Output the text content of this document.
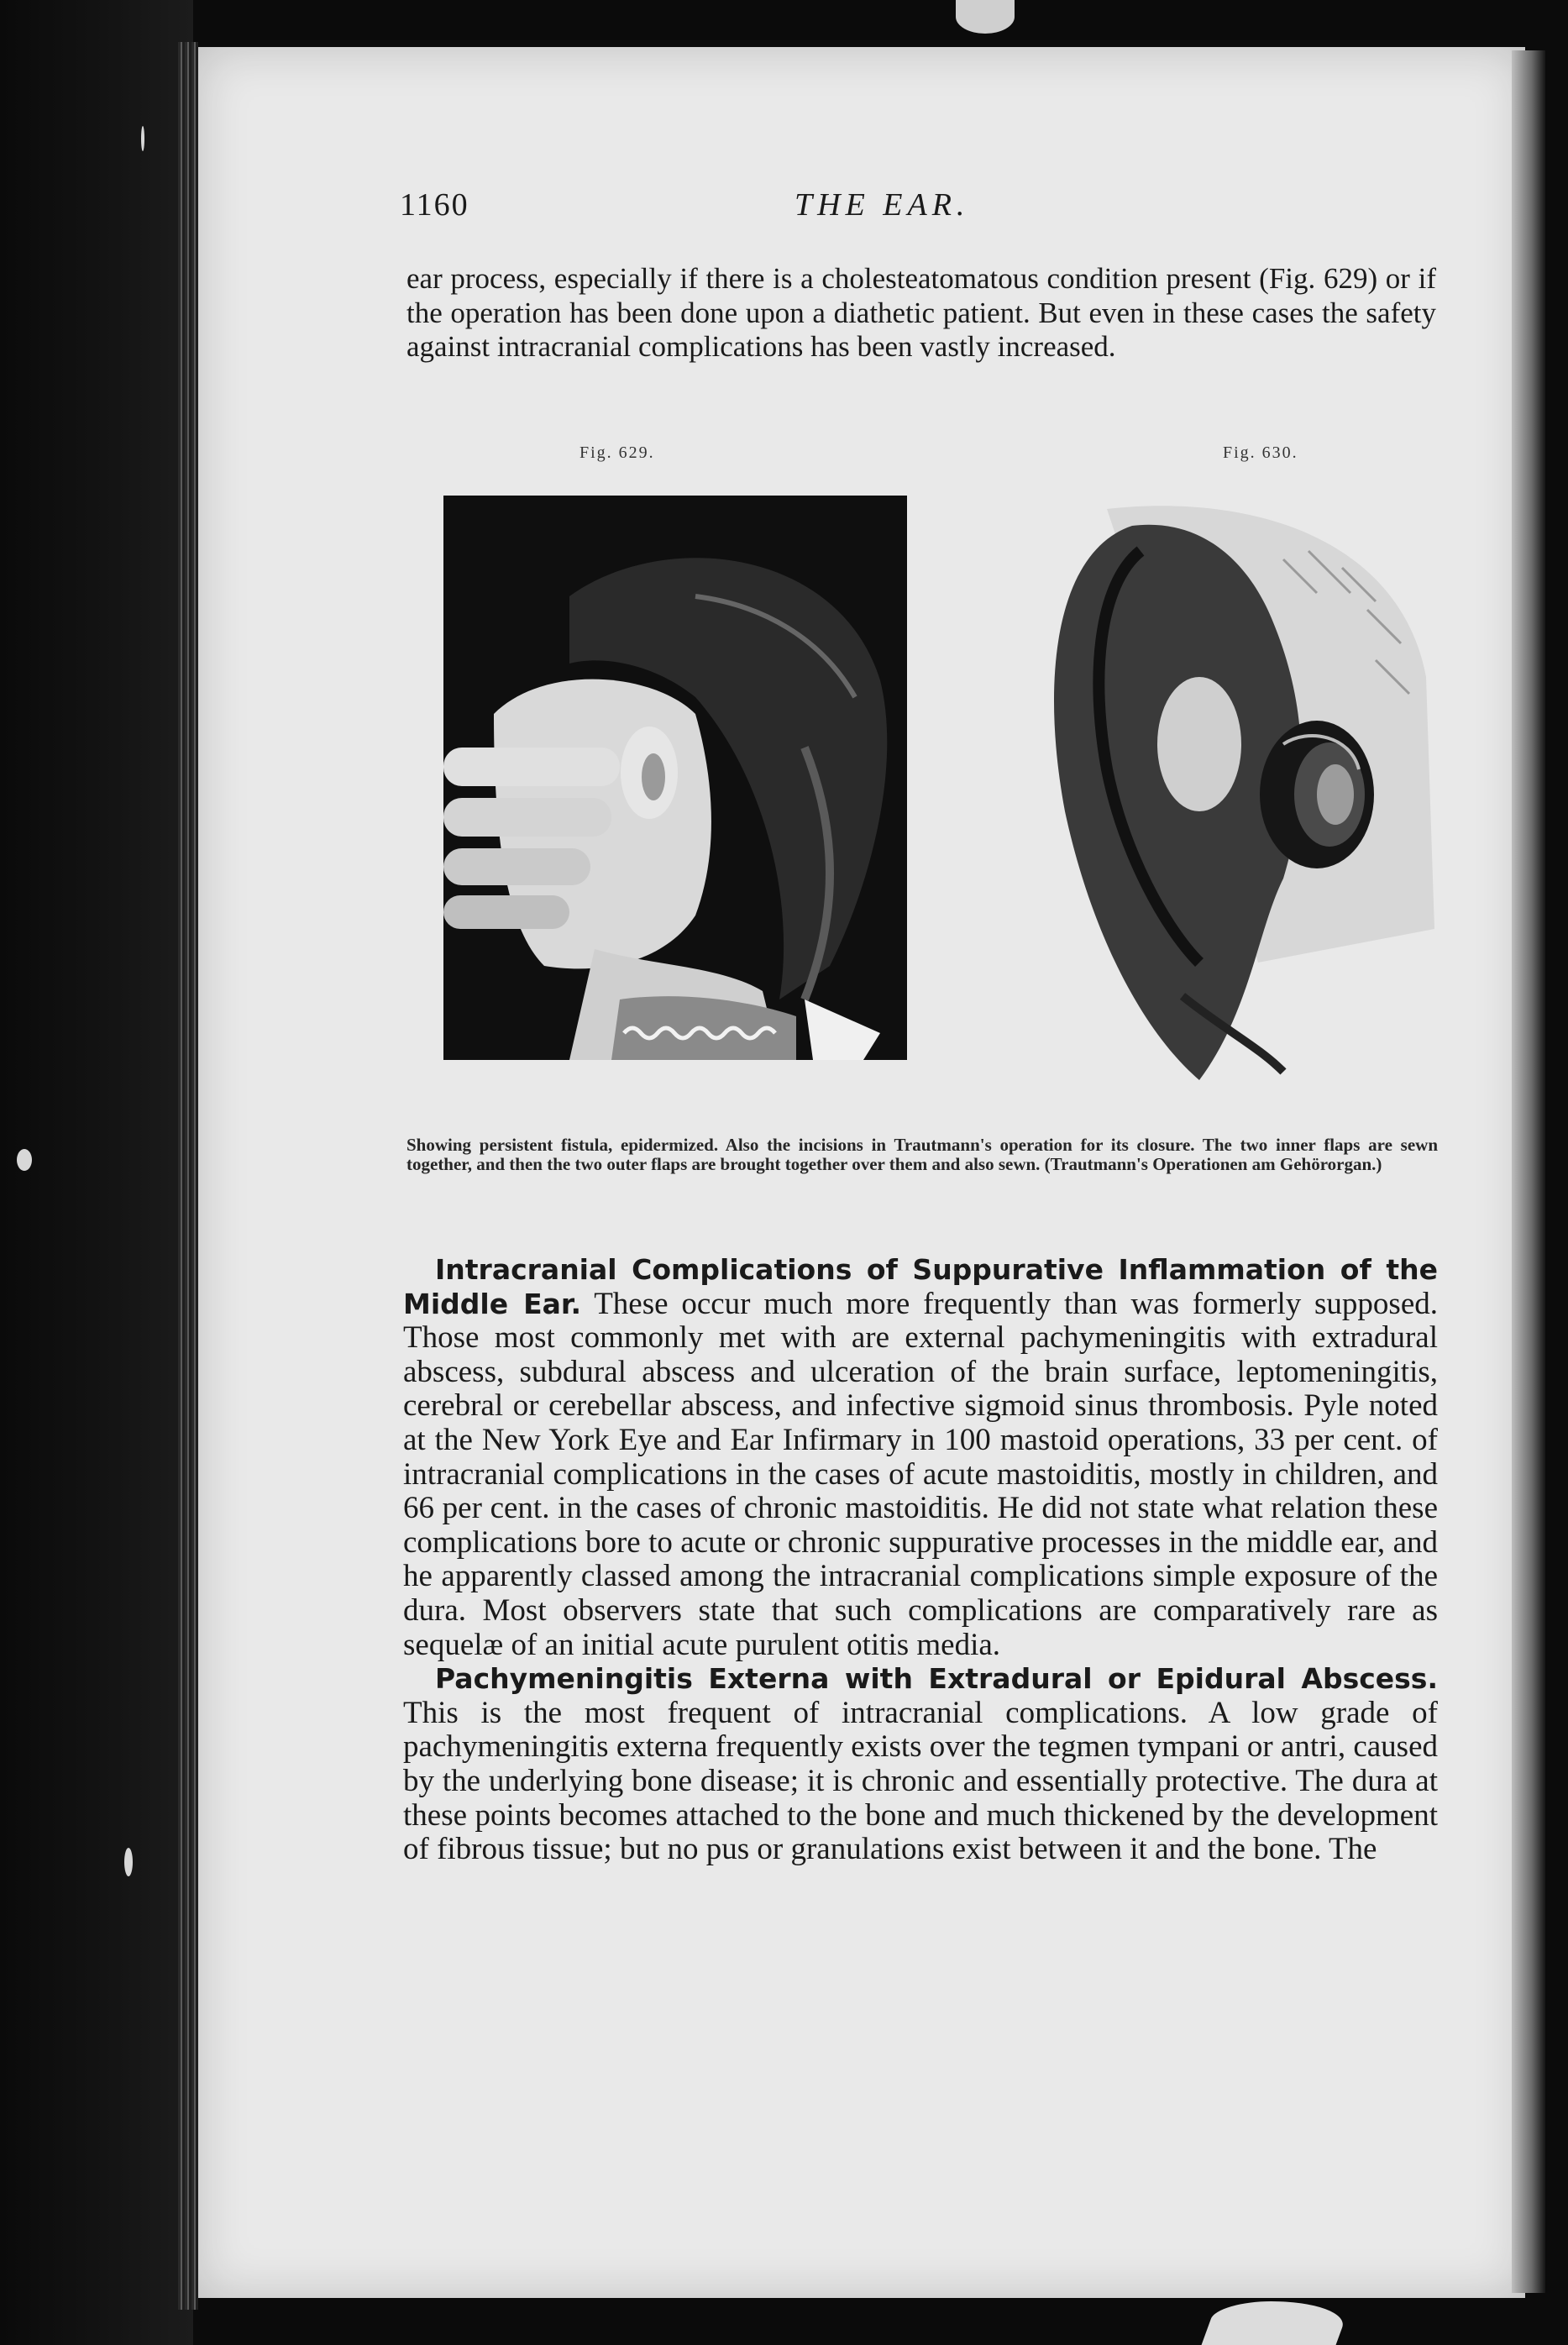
1160	THE EAR.

ear process, especially if there is a cholesteatomatous condition present (Fig. 629) or if the operation has been done upon a diathetic patient. But even in these cases the safety against intracranial complications has been vastly increased.

Fig. 629.	Fig. 630.

Showing persistent fistula, epidermized. Also the incisions in Trautmann's operation for its closure. The two inner flaps are sewn together, and then the two outer flaps are brought together over them and also sewn. (Trautmann's Operationen am Gehörorgan.)

Intracranial Complications of Suppurative Inflammation of the Middle Ear. These occur much more frequently than was formerly supposed. Those most commonly met with are external pachymeningitis with extradural abscess, subdural abscess and ulceration of the brain surface, leptomeningitis, cerebral or cerebellar abscess, and infective sigmoid sinus thrombosis. Pyle noted at the New York Eye and Ear Infirmary in 100 mastoid operations, 33 per cent. of intracranial complications in the cases of acute mastoiditis, mostly in children, and 66 per cent. in the cases of chronic mastoiditis. He did not state what relation these complications bore to acute or chronic suppurative processes in the middle ear, and he apparently classed among the intracranial complications simple exposure of the dura. Most observers state that such complications are comparatively rare as sequelæ of an initial acute purulent otitis media.

Pachymeningitis Externa with Extradural or Epidural Abscess. This is the most frequent of intracranial complications. A low grade of pachymeningitis externa frequently exists over the tegmen tympani or antri, caused by the underlying bone disease; it is chronic and essentially protective. The dura at these points becomes attached to the bone and much thickened by the development of fibrous tissue; but no pus or granulations exist between it and the bone. The
